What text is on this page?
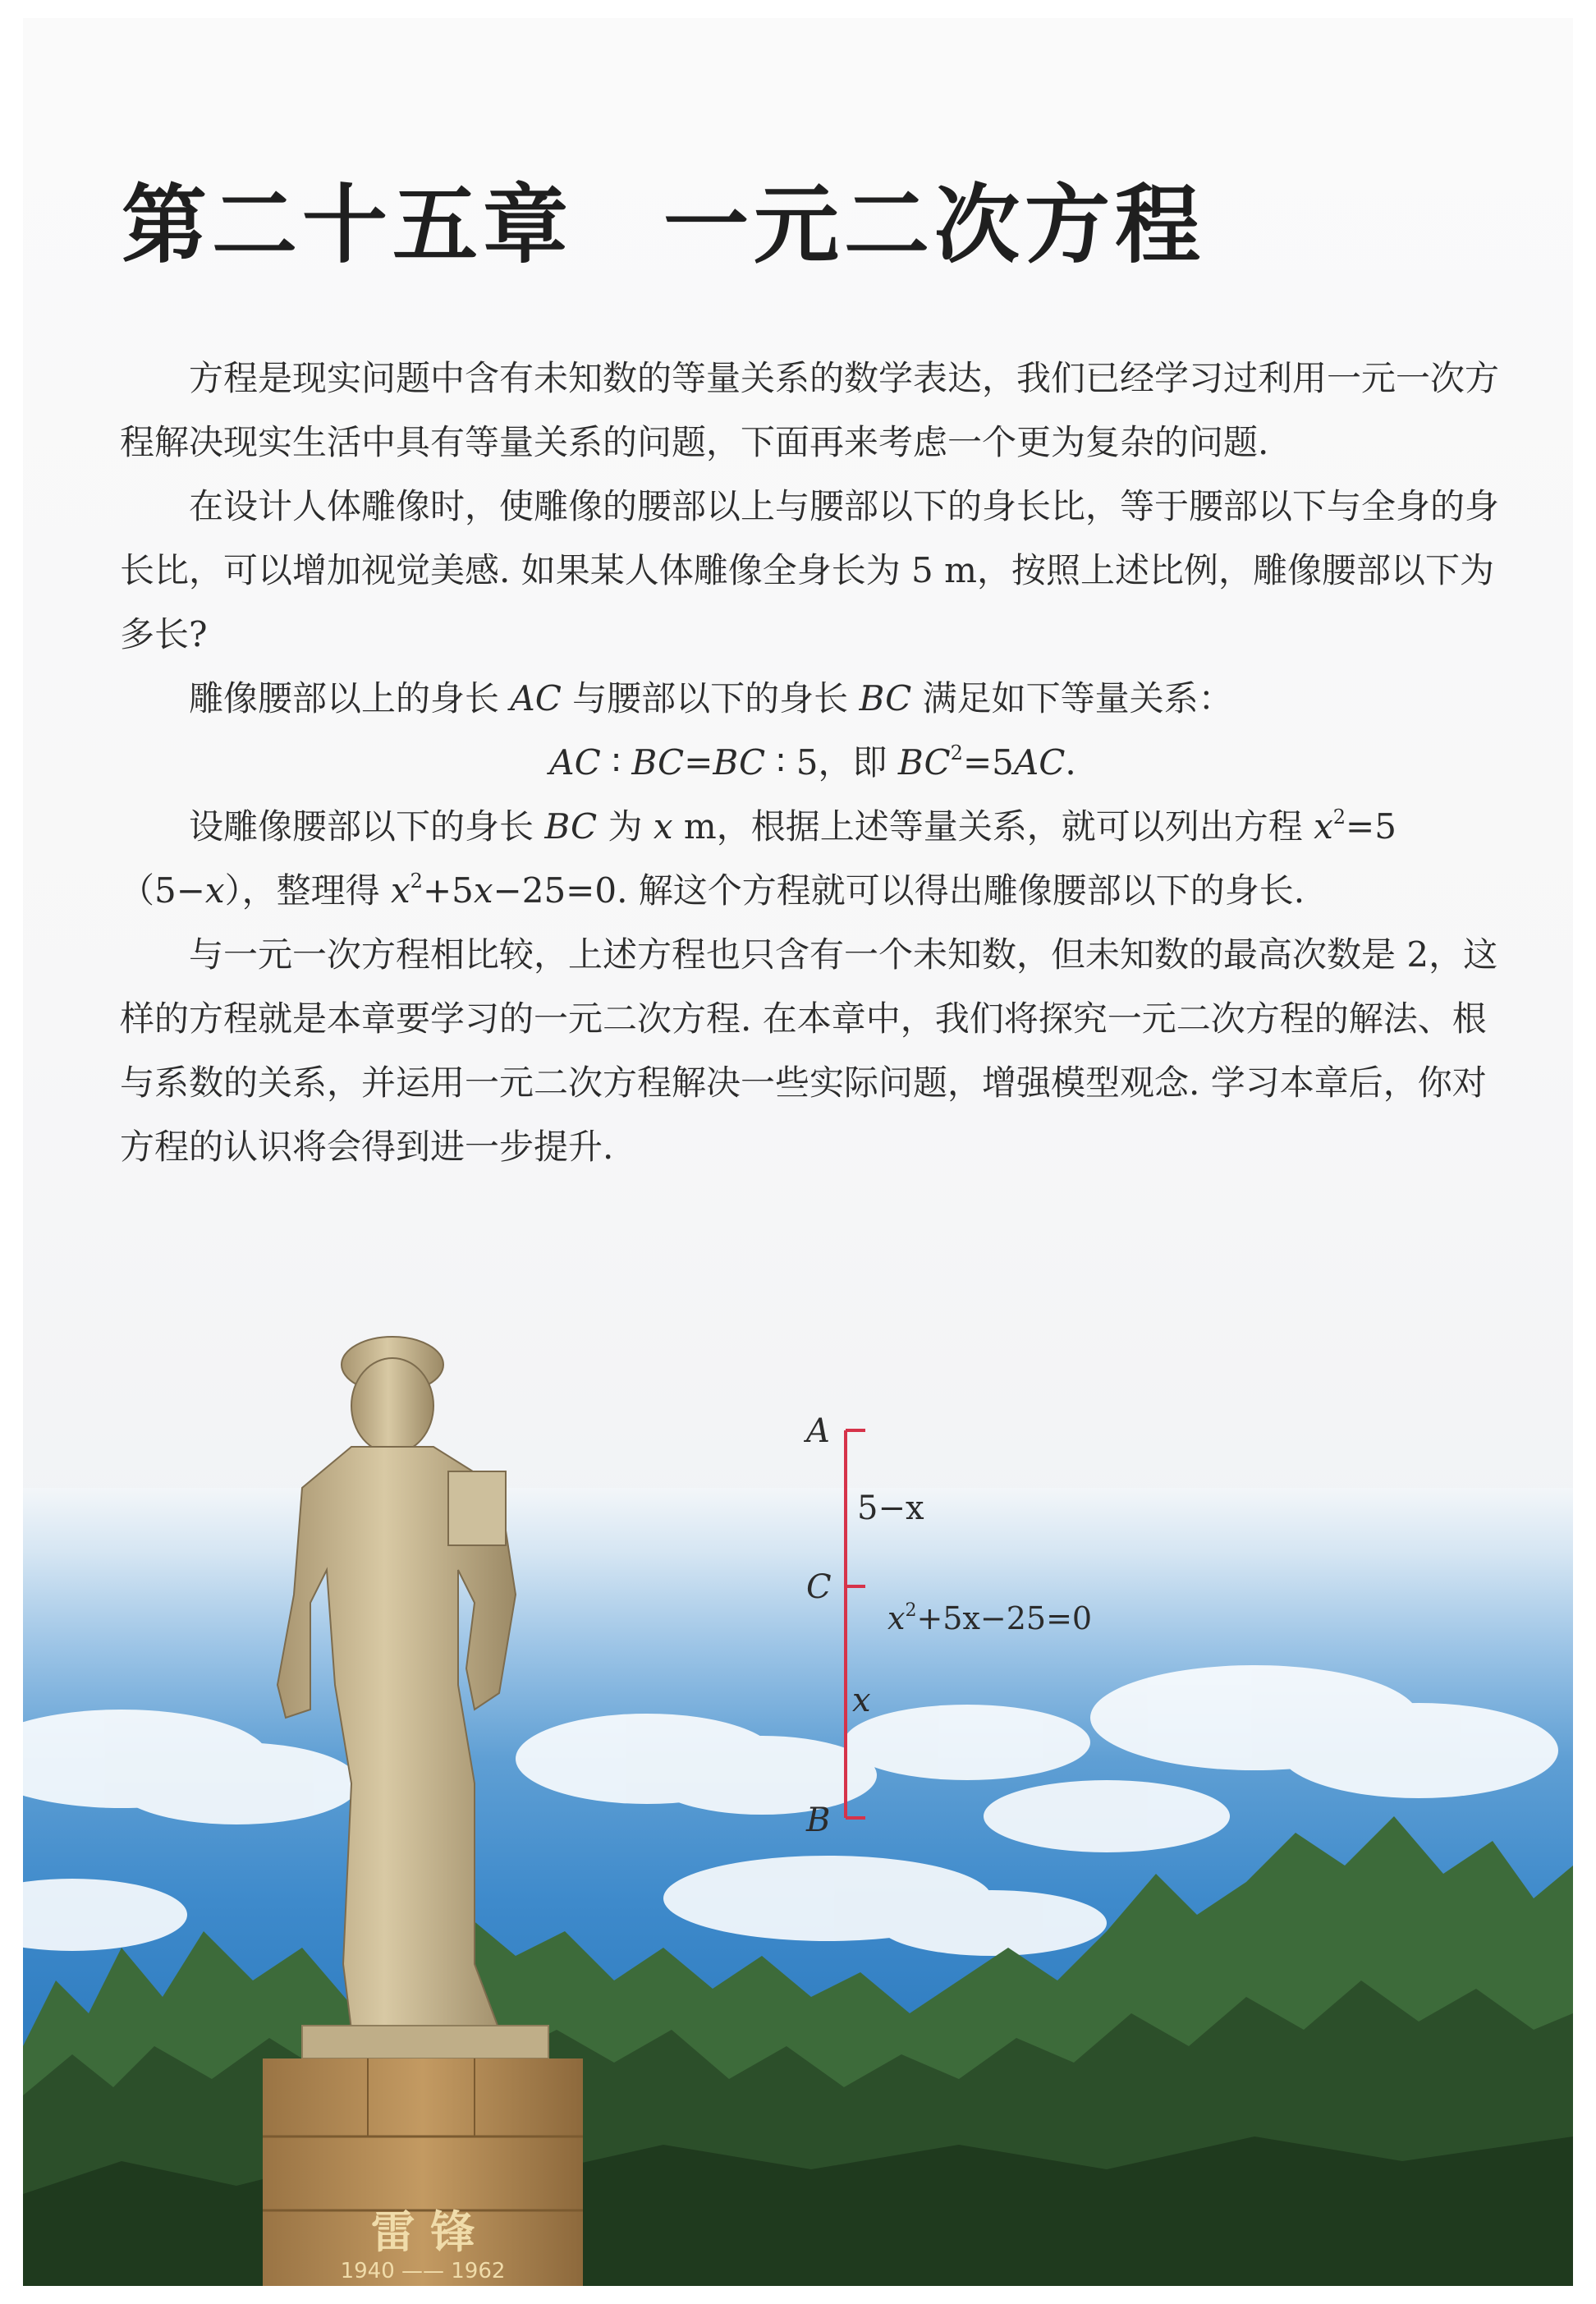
雷 锋
1940 —— 1962
A
C
B
5−x
x
$x^2+5x-25=0$
第二十五章　一元二次方程

方程是现实问题中含有未知数的等量关系的数学表达，我们已经学习过利用一元一次方程解决现实生活中具有等量关系的问题，下面再来考虑一个更为复杂的问题.

在设计人体雕像时，使雕像的腰部以上与腰部以下的身长比，等于腰部以下与全身的身长比，可以增加视觉美感. 如果某人体雕像全身长为 5 m，按照上述比例，雕像腰部以下为多长?

雕像腰部以上的身长 AC 与腰部以下的身长 BC 满足如下等量关系：

AC ∶ BC=BC ∶ 5，即 $BC^2=5AC$.

设雕像腰部以下的身长 BC 为 x m，根据上述等量关系，就可以列出方程 $x^2=5(5-x)$，整理得 $x^2+5x-25=0$. 解这个方程就可以得出雕像腰部以下的身长.

与一元一次方程相比较，上述方程也只含有一个未知数，但未知数的最高次数是 2，这样的方程就是本章要学习的一元二次方程. 在本章中，我们将探究一元二次方程的解法、根与系数的关系，并运用一元二次方程解决一些实际问题，增强模型观念. 学习本章后，你对方程的认识将会得到进一步提升.
